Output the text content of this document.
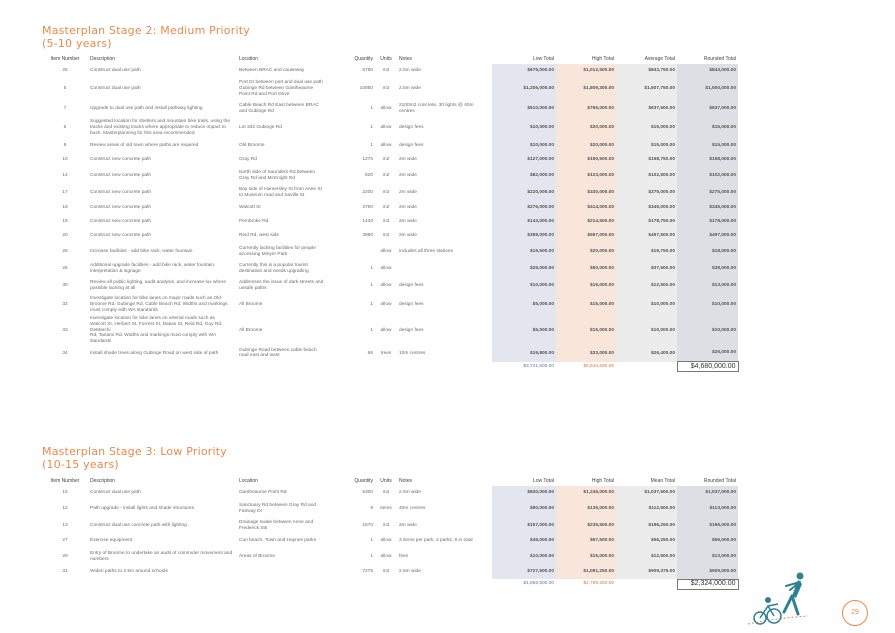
Masterplan Stage 2: Medium Priority
(5-10 years)
Item Number	Description	Location	Quantity	Units	Notes	Low Total	High Total	Average Total	Rounded Total
25	Construct dual use path	Between BRAC and causeway	5750	m2	2.5m wide	$675,000.00	$1,012,500.00	$843,750.00	$843,000.00
5	Construct dual use path	Port Dr between port and dual use path
Gubinge Rd between Gantheaume
Point Rd and Port Drive	10050	m2	2.5m wide	$1,206,000.00	$1,809,300.00	$1,507,750.00	$1,500,000.00
7	Upgrade to dual use path and install pathway lighting	Cable Beach Rd East between BRAC
and Gubinge Rd	1	allow	2100m2 concrete, 30 lights @ 40m centres	$510,000.00	$765,000.00	$637,500.00	$637,000.00
6	Suggested location for shelters and mountain bike trails, using the
tracks and existing tracks where appropriate to reduce impact to
bush. Masterplanning for this area recommended	Lot 333 Gubinge Rd	1	allow	design fees	$10,000.00	$20,000.00	$15,000.00	$15,000.00
8	Review areas of old town where paths are required	Old Broome	1	allow	design fees	$10,000.00	$20,000.00	$15,000.00	$15,000.00
10	Construct new concrete path	Gray Rd	1270	m2	2m wide	$127,000.00	$190,500.00	$158,750.00	$158,000.00
14	Construct new concrete path	North side of Saunders Rd between
Gray Rd and McKnight Rd	820	m2	2m wide	$82,000.00	$123,000.00	$102,500.00	$102,000.00
17	Construct new concrete path	Bay side of Hamersley St from Anne St
to Museum road and Saville St	2200	m2	2m wide	$220,000.00	$330,000.00	$275,000.00	$275,000.00
18	Construct new concrete path	Walcott St	2760	m2	2m wide	$276,000.00	$414,000.00	$345,000.00	$345,000.00
19	Construct new concrete path	Pembroke Rd	1430	m2	2m wide	$143,000.00	$214,500.00	$178,750.00	$178,000.00
20	Construct new concrete path	Reid Rd, west side	3980	m2	2m wide	$398,000.00	$597,000.00	$497,500.00	$497,000.00
28	Increase facilities - add bike rack, water fountain	Currently lacking facilities for people
accessing Minyirr Park		allow	includes all three stations	$19,500.00	$20,000.00	$19,750.00	$18,000.00
26	Additional upgrade facilities - add bike rack, water fountain,
interpretation & signage	Currently this is a popular tourist
destination and needs upgrading	1	allow		$25,000.00	$50,000.00	$37,500.00	$38,000.00
30	Review all public lighting, audit analysis, and increase lux where
possible lacking at all	Addresses the issue of dark streets and
unsafe paths	1	allow	design fees	$10,000.00	$15,000.00	$12,500.00	$13,000.00
32	Investigate location for bike lanes on major roads such as Old
Broome Rd, Gubinge Rd, Cable Beach Rd. Widths and markings
must comply with WA standards	All Broome	1	allow	design fees	$5,000.00	$15,000.00	$10,000.00	$10,000.00
33	Investigate location for bike lanes on arterial roads such as
Walcott St, Herbert St, Forrest St, Dakas St, Reid Rd, Guy Rd, DeMarchi
Rd, Tanami Rd. Widths and markings must comply with WA standards	All Broome	1	allow	design fees	$5,000.00	$15,000.00	$10,000.00	$10,000.00
34	Install shade trees along Gubinge Road on west side of path	Gubinge Road between cable beach
road east and west	66	trees	10m centres	$19,800.00	$33,000.00	$26,400.00	$26,000.00
						$3,741,500.00	$5,643,600.00		$4,680,000.00
Masterplan Stage 3: Low Priority
(10-15 years)
Item Number	Description	Location	Quantity	Units	Notes	Low Total	High Total	Mean Total	Rounded Total
15	Construct dual use path	Gantheaume Point Rd	5300	m2	2.5m wide	$830,000.00	$1,245,000.00	$1,037,500.00	$1,037,000.00
12	Path upgrade - install lights and shade structures	Sanctuary Rd between Gray Rd and
Fairway Dr	9	items	40m centres	$90,000.00	$135,000.00	$112,500.00	$113,000.00
13	Construct dual use concrete path with lighting	Drainage swale between Anne and
Frederick Sts	1570	m2	2m wide	$157,000.00	$235,500.00	$196,250.00	$196,000.00
27	Exercise equipment	Cun beach, Town and Haynes parks	1	allow	3 items per park, 3 parks, 9 in total	$45,000.00	$67,500.00	$56,250.00	$56,000.00
29	Entry of Broome to undertake an audit of commuter movement and
numbers	Areas of Broome	1	allow	fees	$10,000.00	$15,000.00	$12,500.00	$13,000.00
31	Widen paths to 2.5m around schools		7275	m2	2.5m wide	$727,500.00	$1,091,250.00	$909,375.00	$909,000.00
						$1,859,500.00	$2,789,250.00		$2,324,000.00
29
